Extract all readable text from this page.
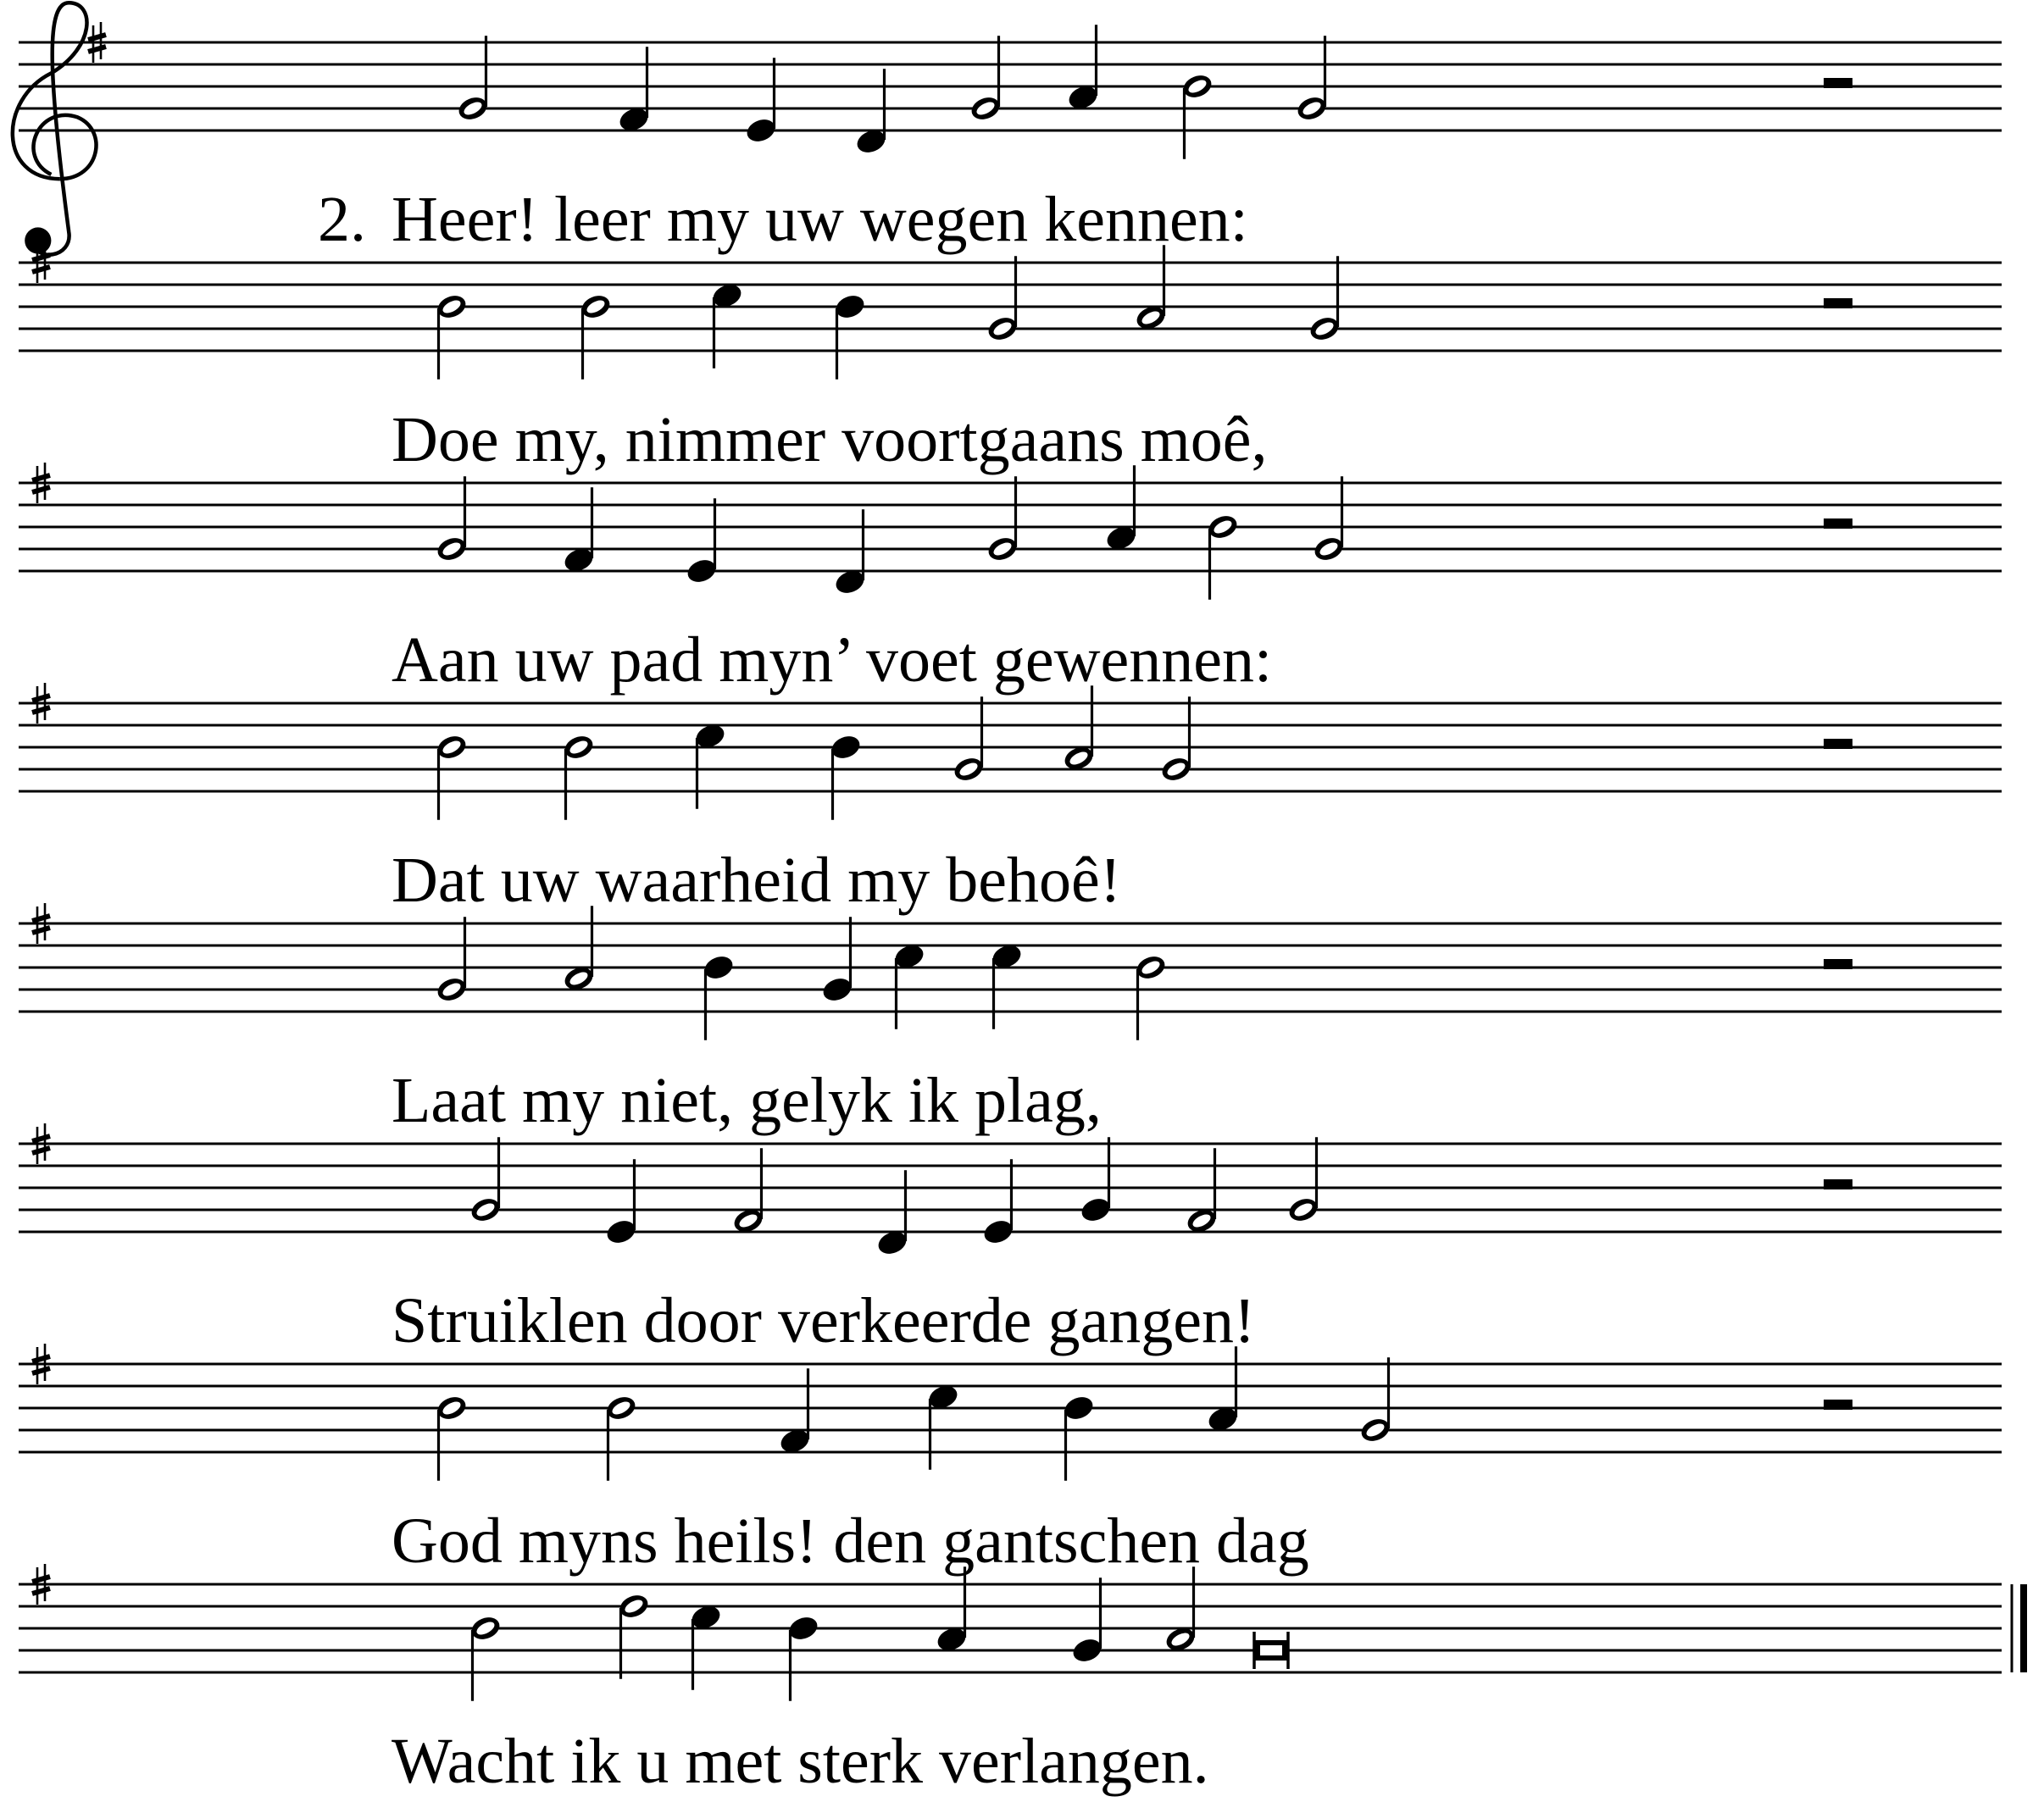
2. Heer! leer my uw wegen kennen:
Doe my, nimmer voortgaans moê,
Aan uw pad myn’ voet gewennen:
Dat uw waarheid my behoê!
Laat my niet, gelyk ik plag,
Struiklen door verkeerde gangen!
God myns heils! den gantschen dag
Wacht ik u met sterk verlangen.
